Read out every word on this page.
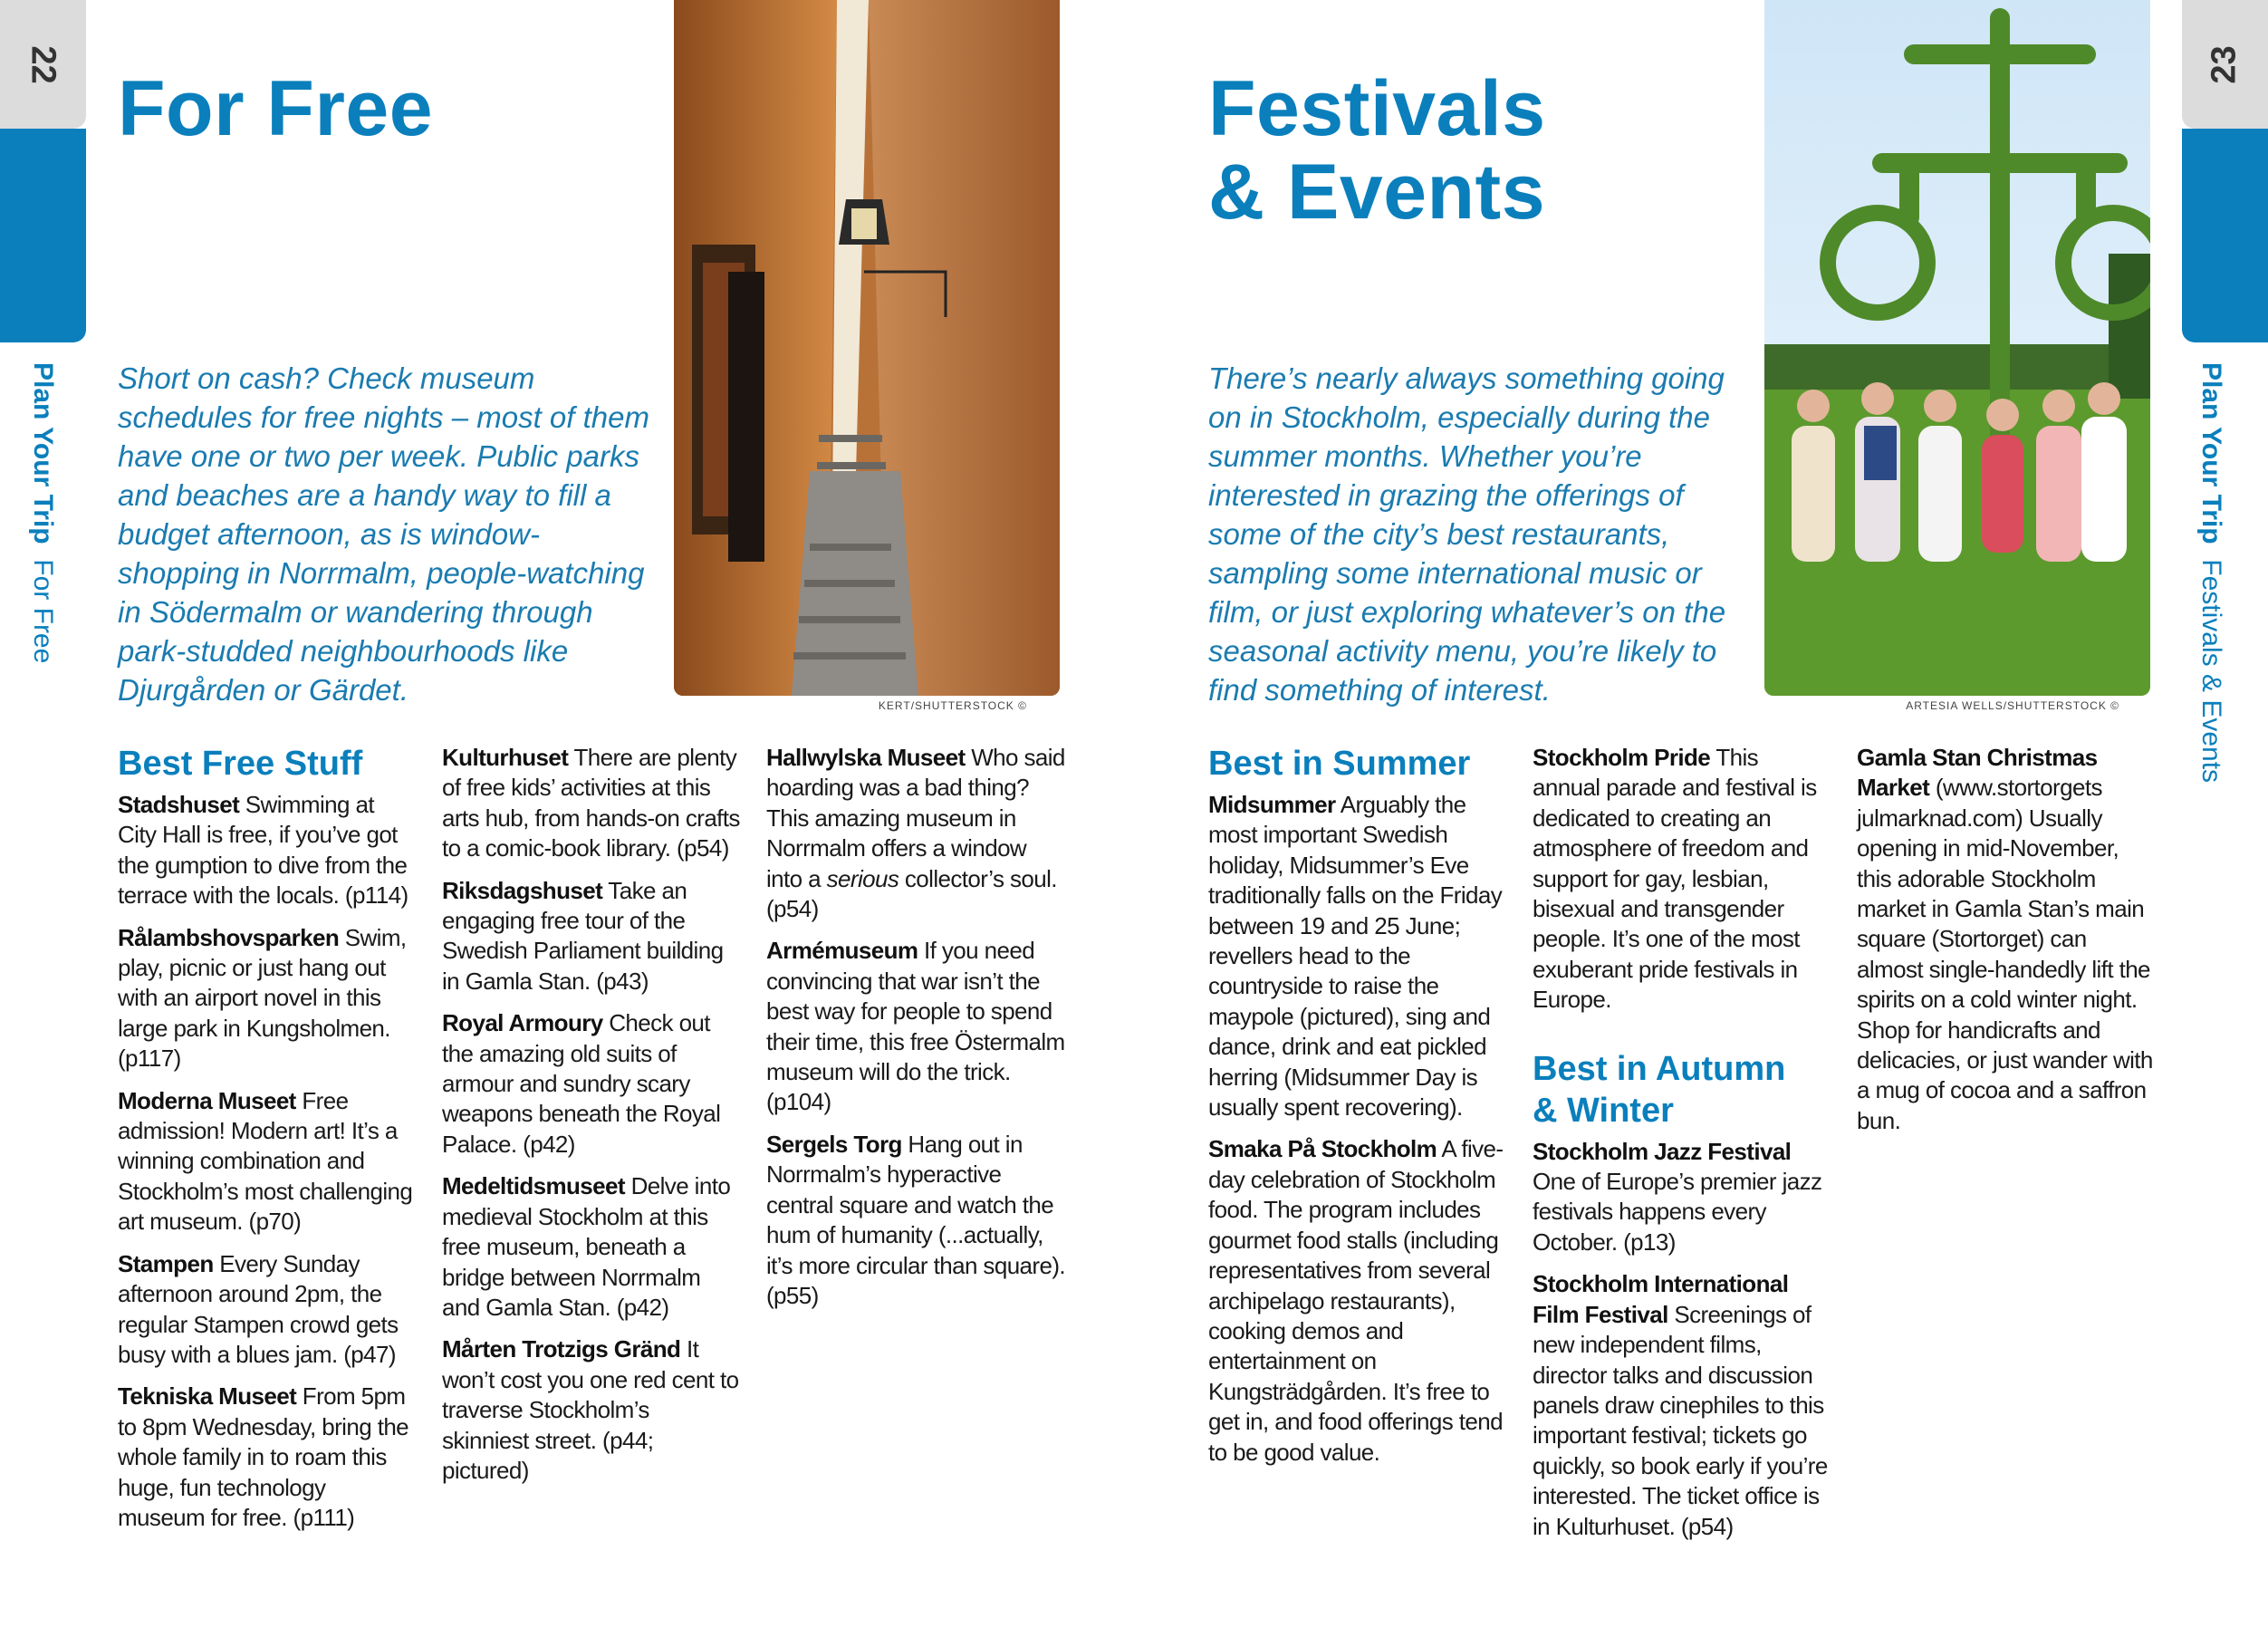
22
Plan Your Trip  For Free
23
Plan Your Trip  Festivals & Events
For Free
Short on cash? Check museum schedules for free nights – most of them have one or two per week. Public parks and beaches are a handy way to fill a budget afternoon, as is window-shopping in Norrmalm, people-watching in Södermalm or wandering through park-studded neighbourhoods like Djurgården or Gärdet.	KERT/SHUTTERSTOCK ©
Best Free Stuff

Stadshuset Swimming at City Hall is free, if you’ve got the gumption to dive from the terrace with the locals. (p114)

Rålambshovsparken Swim, play, picnic or just hang out with an airport novel in this large park in Kungsholmen. (p117)

Moderna Museet Free admission! Modern art! It’s a winning combination and Stockholm’s most challenging art museum. (p70)

Stampen Every Sunday afternoon around 2pm, the regular Stampen crowd gets busy with a blues jam. (p47)

Tekniska Museet From 5pm to 8pm Wednesday, bring the whole family in to roam this huge, fun technology museum for free. (p111)

Kulturhuset There are plenty of free kids’ activities at this arts hub, from hands-on crafts to a comic-book library. (p54)

Riksdagshuset Take an engaging free tour of the Swedish Parliament building in Gamla Stan. (p43)

Royal Armoury Check out the amazing old suits of armour and sundry scary weapons beneath the Royal Palace. (p42)

Medeltidsmuseet Delve into medieval Stockholm at this free museum, beneath a bridge between Norrmalm and Gamla Stan. (p42)

Mårten Trotzigs Gränd It won’t cost you one red cent to traverse Stockholm’s skinniest street. (p44; pictured)

Hallwylska Museet Who said hoarding was a bad thing? This amazing museum in Norrmalm offers a window into a serious collector’s soul. (p54)

Armémuseum If you need convincing that war isn’t the best way for people to spend their time, this free Östermalm museum will do the trick. (p104)

Sergels Torg Hang out in Norrmalm’s hyperactive central square and watch the hum of humanity (...actually, it’s more circular than square). (p55)

Festivals
& Events
There’s nearly always something going on in Stockholm, especially during the summer months. Whether you’re interested in grazing the offerings of some of the city’s best restaurants, sampling some international music or film, or just exploring whatever’s on the seasonal activity menu, you’re likely to find something of interest.	ARTESIA WELLS/SHUTTERSTOCK ©
Best in Summer

Midsummer Arguably the most important Swedish holiday, Midsummer’s Eve traditionally falls on the Friday between 19 and 25 June; revellers head to the countryside to raise the maypole (pictured), sing and dance, drink and eat pickled herring (Midsummer Day is usually spent recovering).

Smaka På Stockholm A five-day celebration of Stockholm food. The program includes gourmet food stalls (including representatives from several archipelago restaurants), cooking demos and entertainment on Kungsträdgården. It’s free to get in, and food offerings tend to be good value.

Stockholm Pride This annual parade and festival is dedicated to creating an atmosphere of freedom and support for gay, lesbian, bisexual and transgender people. It’s one of the most exuberant pride festivals in Europe.

Best in Autumn
& Winter

Stockholm Jazz Festival One of Europe’s premier jazz festivals happens every October. (p13)

Stockholm International Film Festival Screenings of new independent films, director talks and discussion panels draw cinephiles to this important festival; tickets go quickly, so book early if you’re interested. The ticket office is in Kulturhuset. (p54)

Gamla Stan Christmas Market (www.stortorgets julmarknad.com) Usually opening in mid-November, this adorable Stockholm market in Gamla Stan’s main square (Stortorget) can almost single-handedly lift the spirits on a cold winter night. Shop for handicrafts and delicacies, or just wander with a mug of cocoa and a saffron bun.
